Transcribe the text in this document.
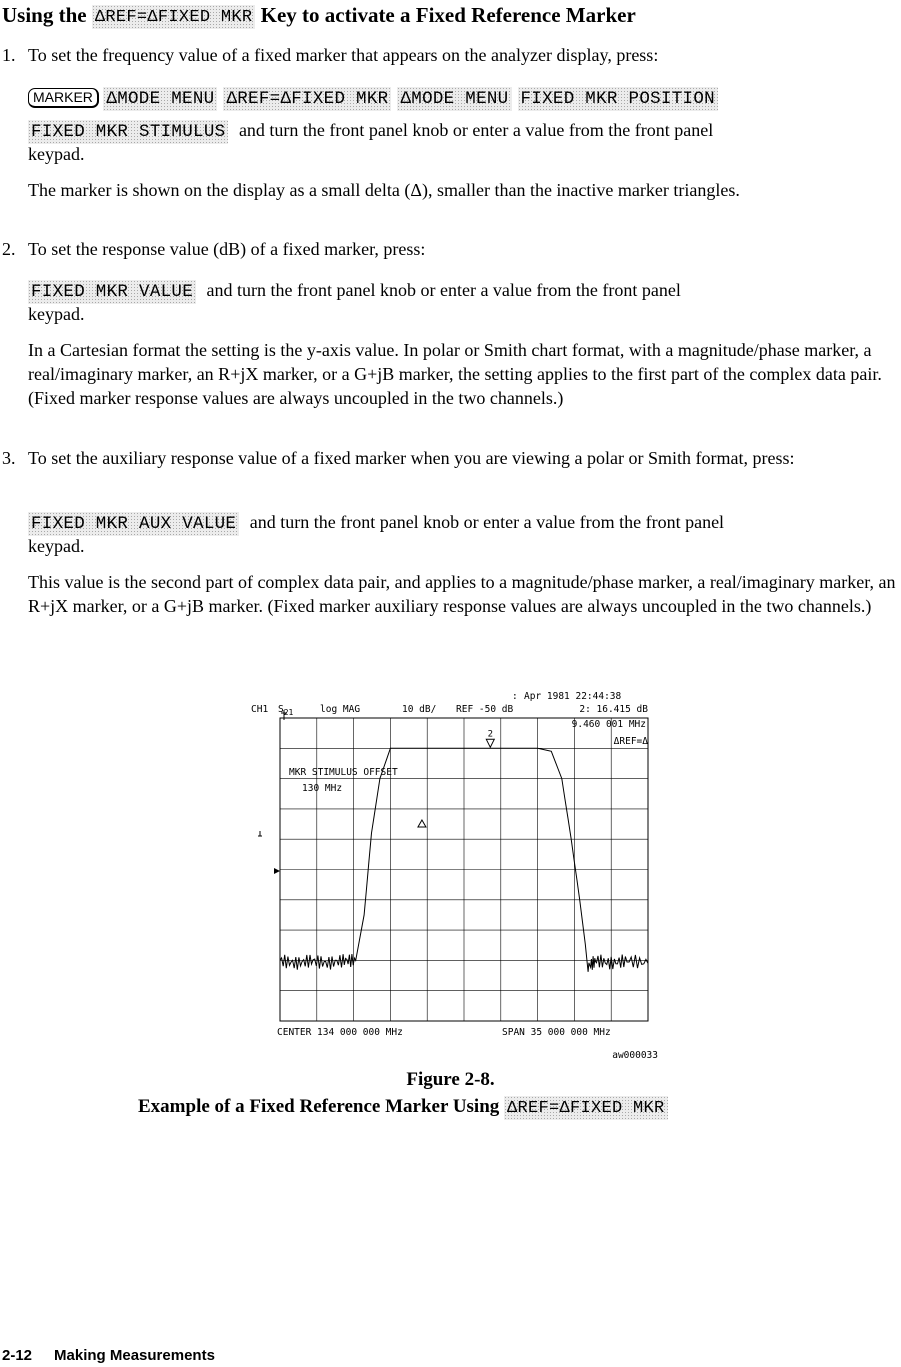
Using the ΔREF=ΔFIXED MKR Key to activate a Fixed Reference Marker
1. To set the frequency value of a fixed marker that appears on the analyzer display, press:
MARKER ΔMODE MENU ΔREF=ΔFIXED MKR ΔMODE MENU FIXED MKR POSITION
FIXED MKR STIMULUS and turn the front panel knob or enter a value from the front panel
keypad.
The marker is shown on the display as a small delta (Δ), smaller than the inactive marker triangles.
2. To set the response value (dB) of a fixed marker, press:
FIXED MKR VALUE and turn the front panel knob or enter a value from the front panel
keypad.
In a Cartesian format the setting is the y-axis value. In polar or Smith chart format, with a magnitude/phase marker, a real/imaginary marker, an R+jX marker, or a G+jB marker, the setting applies to the first part of the complex data pair. (Fixed marker response values are always uncoupled in the two channels.)
3. To set the auxiliary response value of a fixed marker when you are viewing a polar or Smith format, press:
FIXED MKR AUX VALUE and turn the front panel knob or enter a value from the front panel
keypad.
This value is the second part of complex data pair, and applies to a magnitude/phase marker, a real/imaginary marker, an R+jX marker, or a G+jB marker. (Fixed marker auxiliary response values are always uncoupled in the two channels.)
: Apr 1981 22:44:38
CH1 $S_{21}$	log MAG	10 dB/ REF -50 dB	2: 16.415 dB
9.460 001 MHz
ΔREF=Δ
MKR STIMULUS OFFSET
130 MHz
CENTER 134 000 000 MHz	SPAN 35 000 000 MHz
aw000033
2
Figure 2-8.
Example of a Fixed Reference Marker Using ΔREF=ΔFIXED MKR
2-12 Making Measurements
